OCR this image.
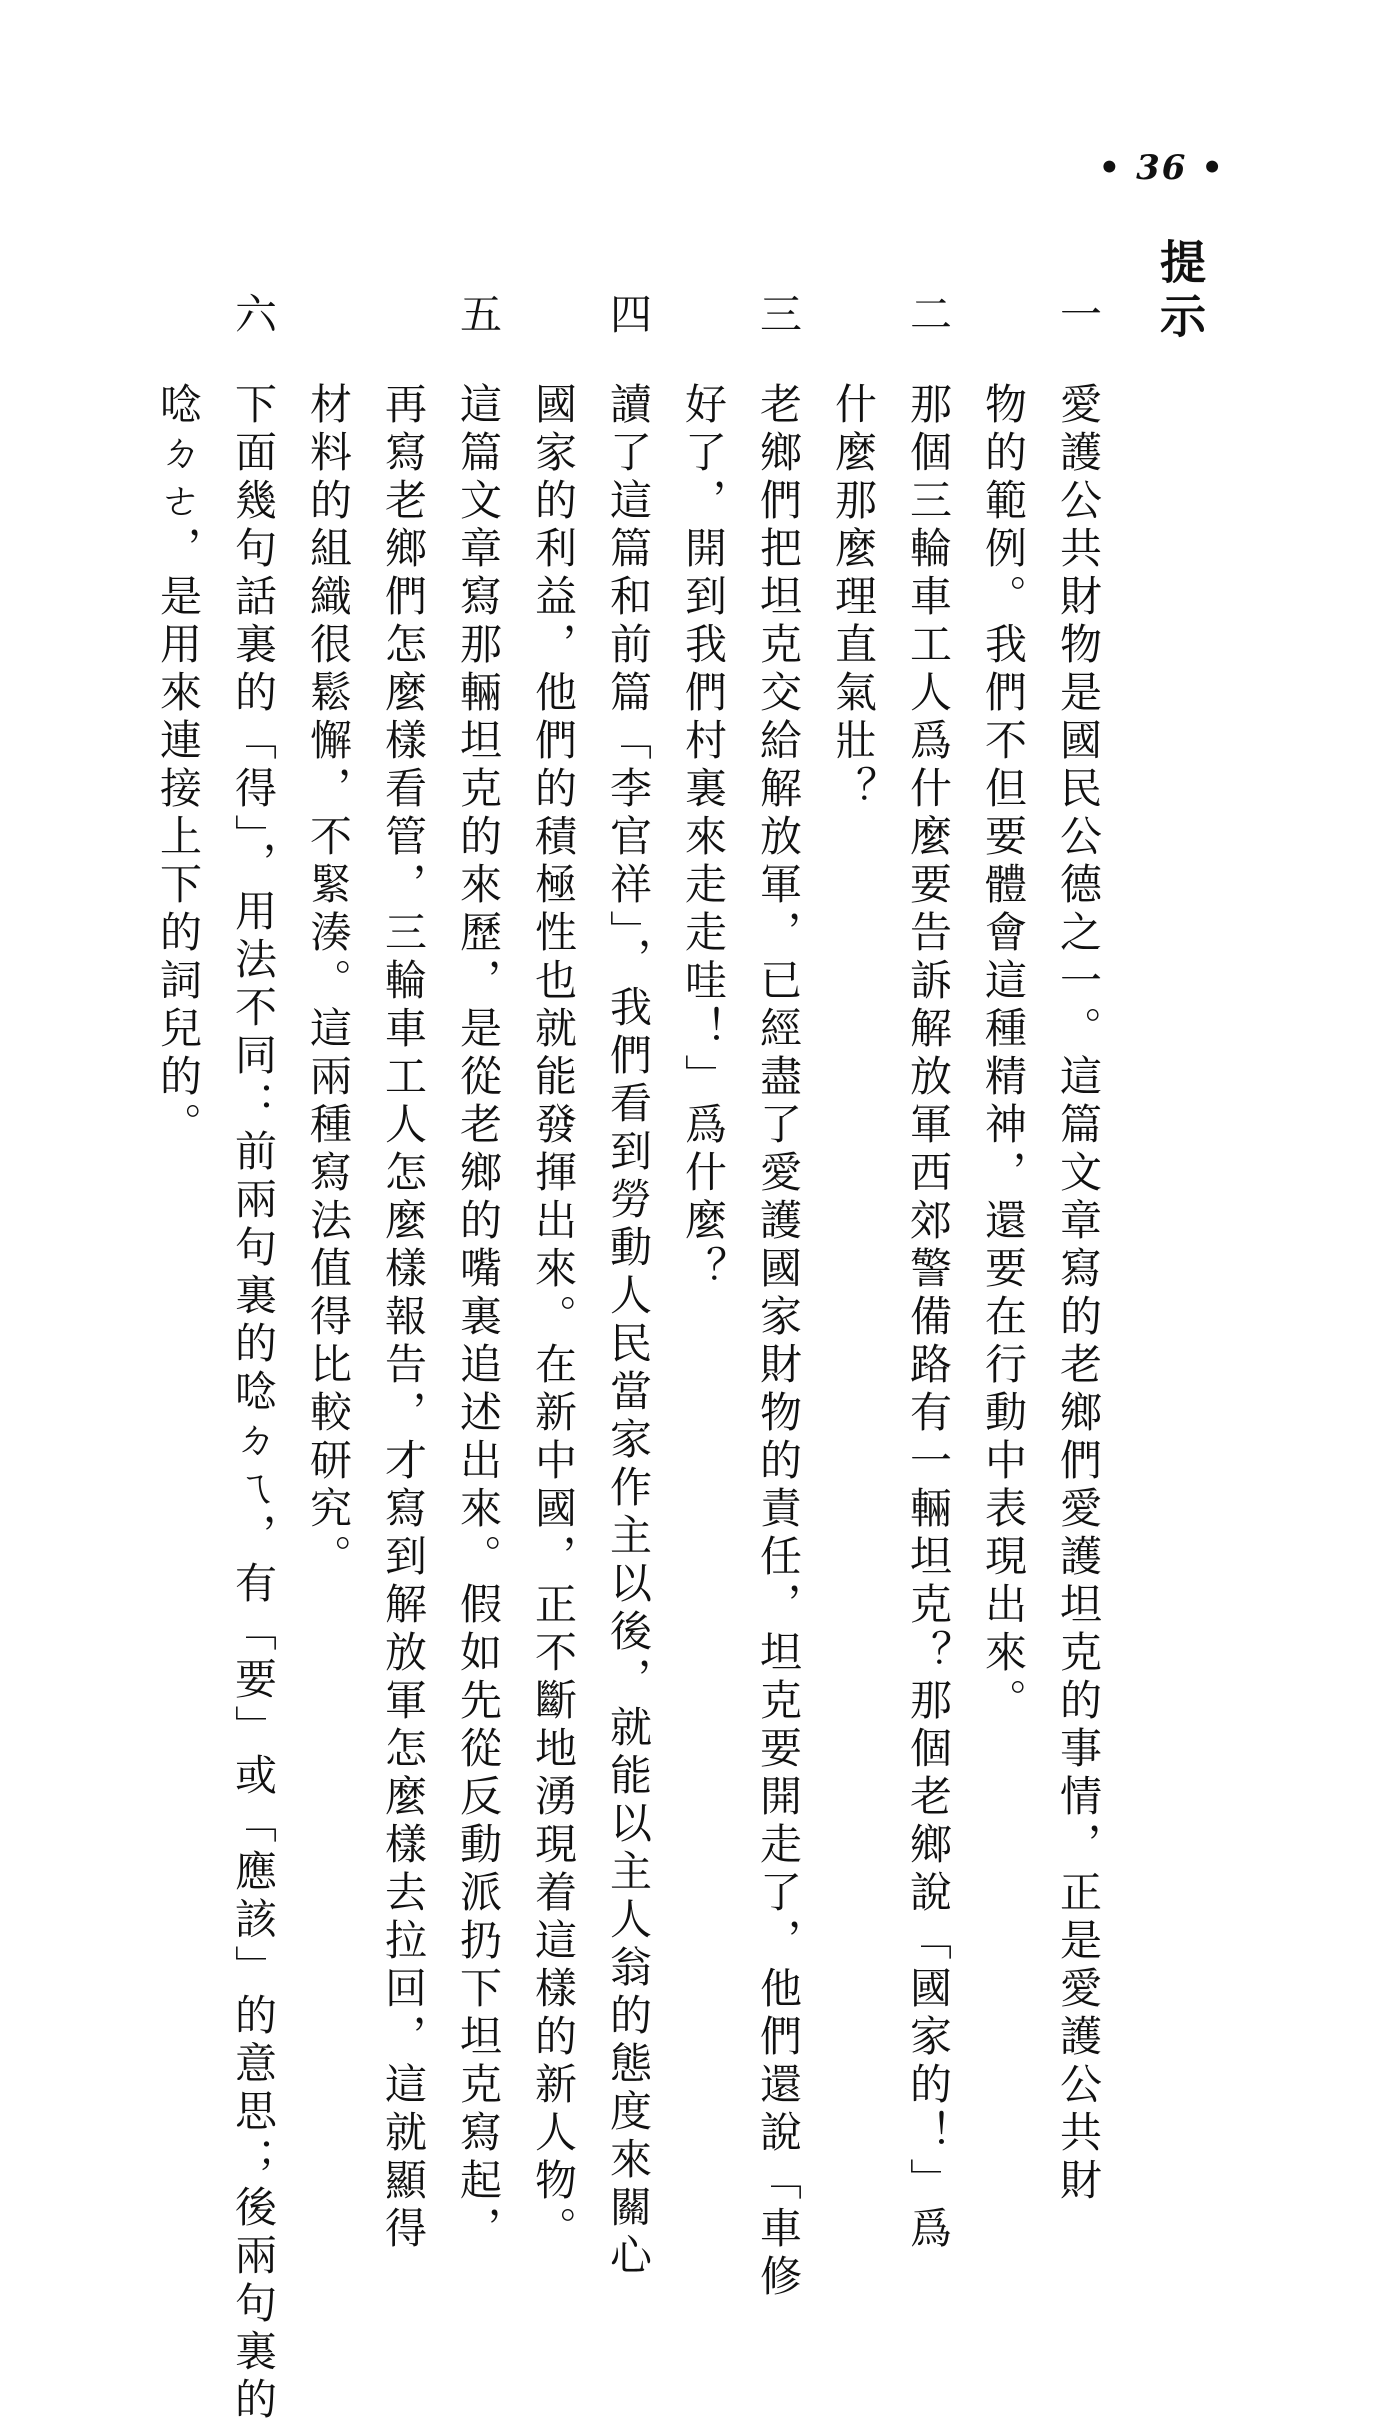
• 36 •
提示
一
愛護公共財物是國民公德之一。這篇文章寫的老鄉們愛護坦克的事情，正是愛護公共財
物的範例。我們不但要體會這種精神，還要在行動中表現出來。
二
那個三輪車工人爲什麼要告訴解放軍西郊警備路有一輛坦克？那個老鄉說「國家的！」爲
什麼那麼理直氣壯？
三
老鄉們把坦克交給解放軍，已經盡了愛護國家財物的責任，坦克要開走了，他們還說「車修
好了，開到我們村裏來走走哇！」爲什麼？
四
讀了這篇和前篇「李官祥」，我們看到勞動人民當家作主以後，就能以主人翁的態度來關心
國家的利益，他們的積極性也就能發揮出來。在新中國，正不斷地湧現着這樣的新人物。
五
這篇文章寫那輛坦克的來歷，是從老鄉的嘴裏追述出來。假如先從反動派扔下坦克寫起，
再寫老鄉們怎麼樣看管，三輪車工人怎麼樣報告，才寫到解放軍怎麼樣去拉回，這就顯得
材料的組織很鬆懈，不緊湊。這兩種寫法值得比較研究。
六
下面幾句話裏的「得」，用法不同：前兩句裏的唸ㄉㄟ，有「要」或「應該」的意思；後兩句裏的
唸ㄉㄜ，是用來連接上下的詞兒的。
